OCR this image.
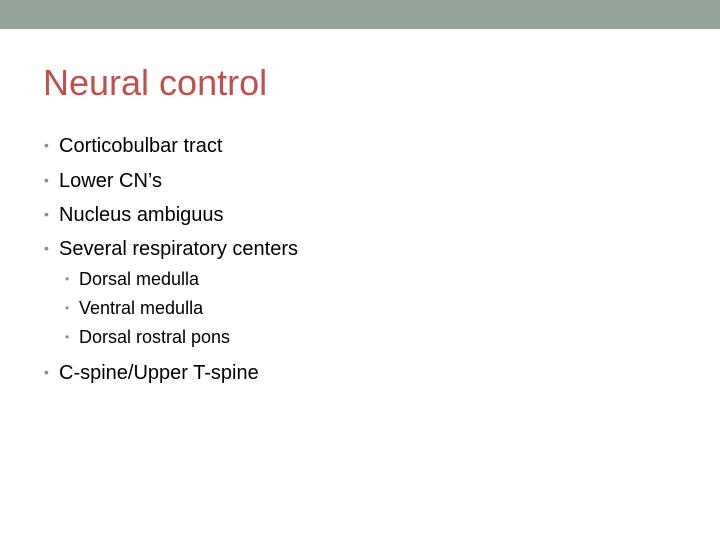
Neural control
• Corticobulbar tract
• Lower CN’s
• Nucleus ambiguus
• Several respiratory centers
• Dorsal medulla
• Ventral medulla
• Dorsal rostral pons
• C-spine/Upper T-spine
